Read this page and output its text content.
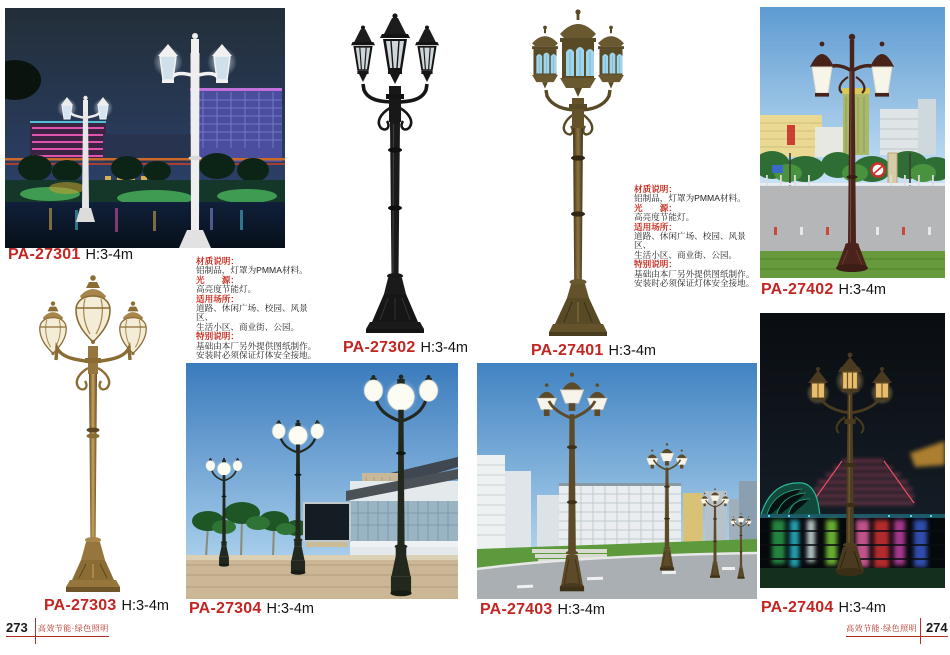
材质说明：
铝制品，灯罩为PMMA材料。
光　　源：
高亮度节能灯。
适用场所：
道路、休闲广场、校园、风景区、
生活小区、商业街、公园。
特别说明：
基础由本厂另外提供图纸制作。
安装时必须保证灯体安全接地。
材质说明：
铝制品，灯罩为PMMA材料。
光　　源：
高亮度节能灯。
适用场所：
道路、休闲广场、校园、风景区、
生活小区、商业街、公园。
特别说明：
基础由本厂另外提供图纸制作。
安装时必须保证灯体安全接地。
PA-27301 H:3-4m
PA-27302 H:3-4m	PA-27401 H:3-4m
PA-27402 H:3-4m
PA-27303 H:3-4m PA-27304 H:3-4m	PA-27403 H:3-4m	PA-27404 H:3-4m
273 高效节能·绿色照明	高效节能·绿色照明 274
